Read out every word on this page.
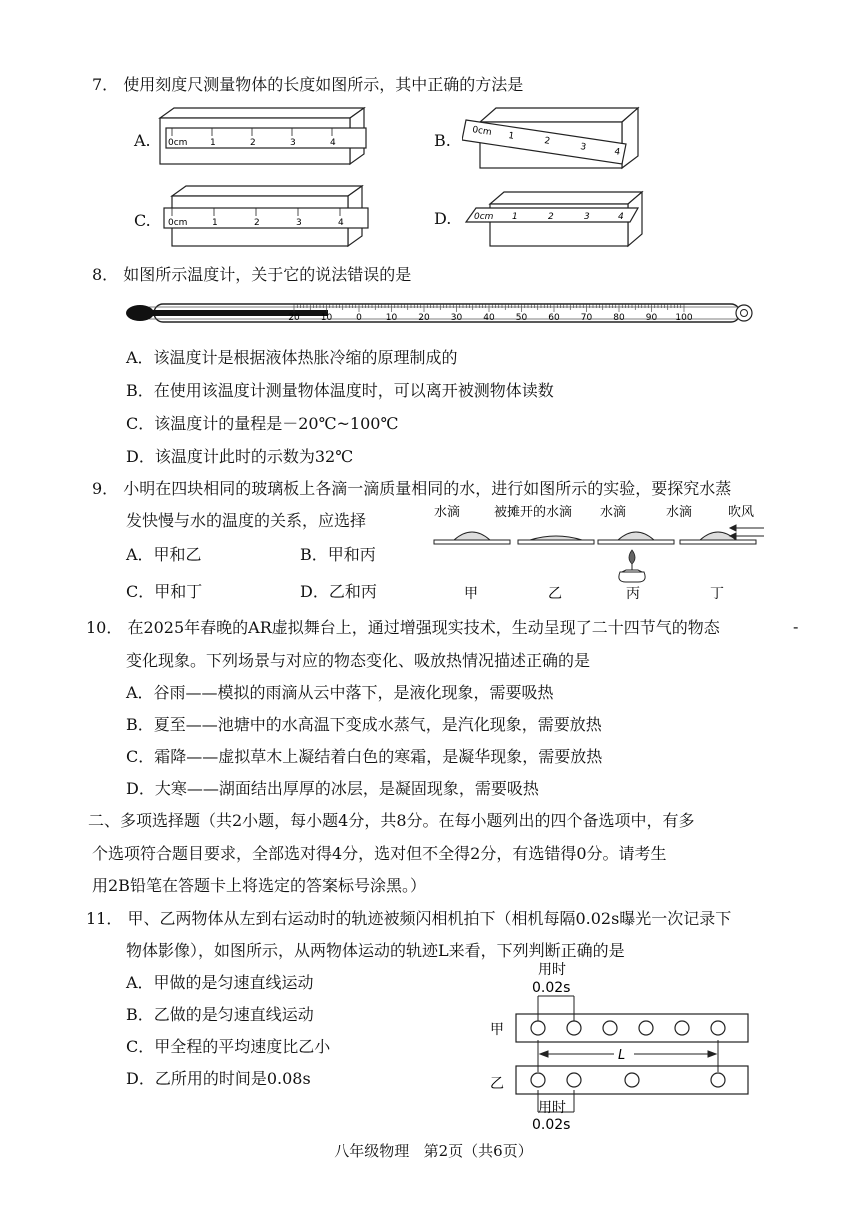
7． 使用刻度尺测量物体的长度如图所示，其中正确的方法是
A. 0cm	1	2	3	4	B. 0cm 1	2
3	4
C. 0cm	1	2	3	4	D.	0cm 1	2	3	4
8． 如图所示温度计，关于它的说法错误的是
20 10	0	10 20 30 40 50 60 70 80 90 100
A．该温度计是根据液体热胀冷缩的原理制成的
B．在使用该温度计测量物体温度时，可以离开被测物体读数
C．该温度计的量程是－20℃~100℃
D．该温度计此时的示数为32℃
9． 小明在四块相同的玻璃板上各滴一滴质量相同的水，进行如图所示的实验，要探究水蒸
发快慢与水的温度的关系，应选择
A．甲和乙	B．甲和丙
C．甲和丁	D．乙和丙
水滴	被摊开的水滴 水滴	水滴	吹风
甲	乙	丙	丁
10． 在2025年春晚的AR虚拟舞台上，通过增强现实技术，生动呈现了二十四节气的物态	-
变化现象。下列场景与对应的物态变化、吸放热情况描述正确的是
A．谷雨——模拟的雨滴从云中落下，是液化现象，需要吸热
B．夏至——池塘中的水高温下变成水蒸气，是汽化现象，需要放热
C．霜降——虚拟草木上凝结着白色的寒霜，是凝华现象，需要放热
D．大寒——湖面结出厚厚的冰层，是凝固现象，需要吸热
二、多项选择题（共2小题，每小题4分，共8分。在每小题列出的四个备选项中，有多
个选项符合题目要求，全部选对得4分，选对但不全得2分，有选错得0分。请考生
用2B铅笔在答题卡上将选定的答案标号涂黑。）
11． 甲、乙两物体从左到右运动时的轨迹被频闪相机拍下（相机每隔0.02s曝光一次记录下
物体影像），如图所示，从两物体运动的轨迹L来看，下列判断正确的是
A．甲做的是匀速直线运动
B．乙做的是匀速直线运动
C．甲全程的平均速度比乙小
D．乙所用的时间是0.08s
用时
0.02s
甲
乙
L
用时
0.02s
八年级物理   第2页（共6页）
